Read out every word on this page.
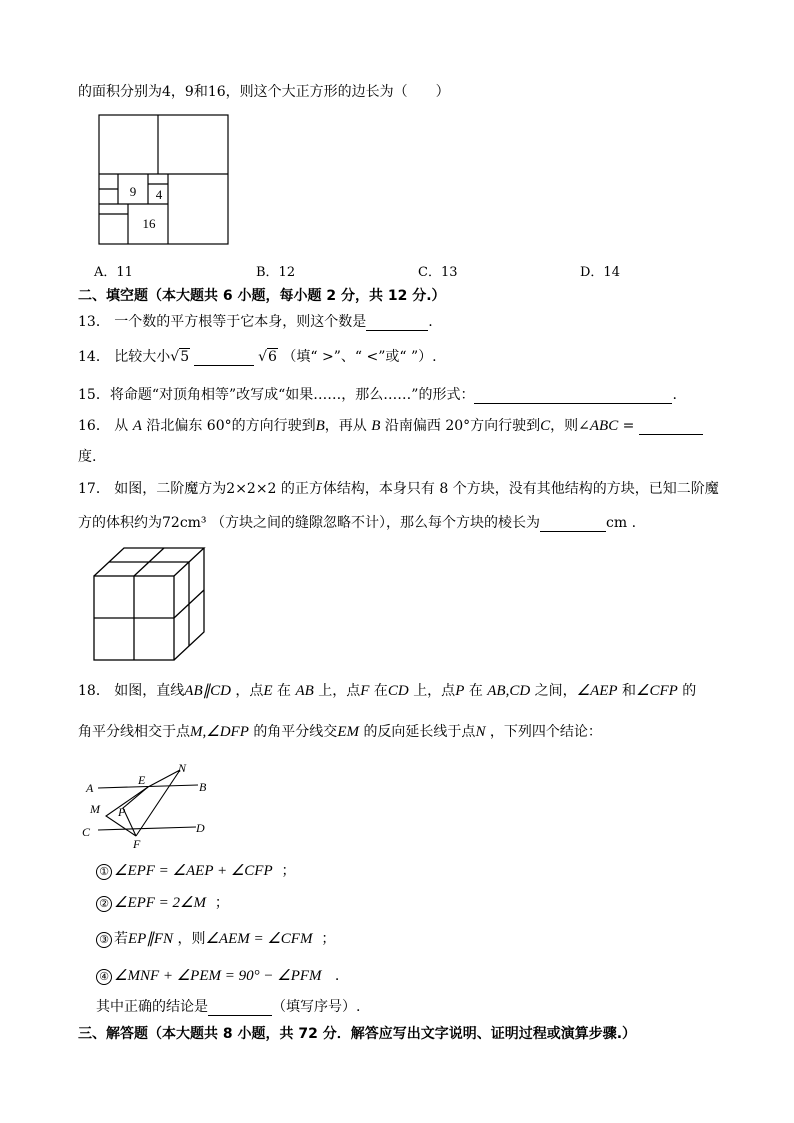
的面积分别为4，9和16，则这个大正方形的边长为（　　）
9 4
16
A．11	B．12	C．13	D．14
二、填空题（本大题共 6 小题，每小题 2 分，共 12 分.）
13． 一个数的平方根等于它本身，则这个数是	.
14． 比较大小√5	√6 （填“ >”、“ <”或“ ”）.
15．将命题“对顶角相等”改写成“如果……，那么……”的形式：	.
16． 从 A 沿北偏东 60°的方向行驶到B，再从 B 沿南偏西 20°方向行驶到C，则∠ABC =
度.
17． 如图，二阶魔方为2×2×2 的正方体结构，本身只有 8 个方块，没有其他结构的方块，已知二阶魔
方的体积约为72cm³ （方块之间的缝隙忽略不计），那么每个方块的棱长为	cm .
18． 如图，直线AB∥CD ，点E 在 AB 上，点F 在CD 上，点P 在 AB,CD 之间，∠AEP 和∠CFP 的
角平分线相交于点M,∠DFP 的角平分线交EM 的反向延长线于点N ，下列四个结论：
A
E
N
B
M P
C
F
D
① ∠EPF = ∠AEP + ∠CFP ；
② ∠EPF = 2∠M ；
③ 若EP∥FN ，则∠AEM = ∠CFM ；
④ ∠MNF + ∠PEM = 90° − ∠PFM .
其中正确的结论是	（填写序号）.
三、解答题（本大题共 8 小题，共 72 分．解答应写出文字说明、证明过程或演算步骤.）
